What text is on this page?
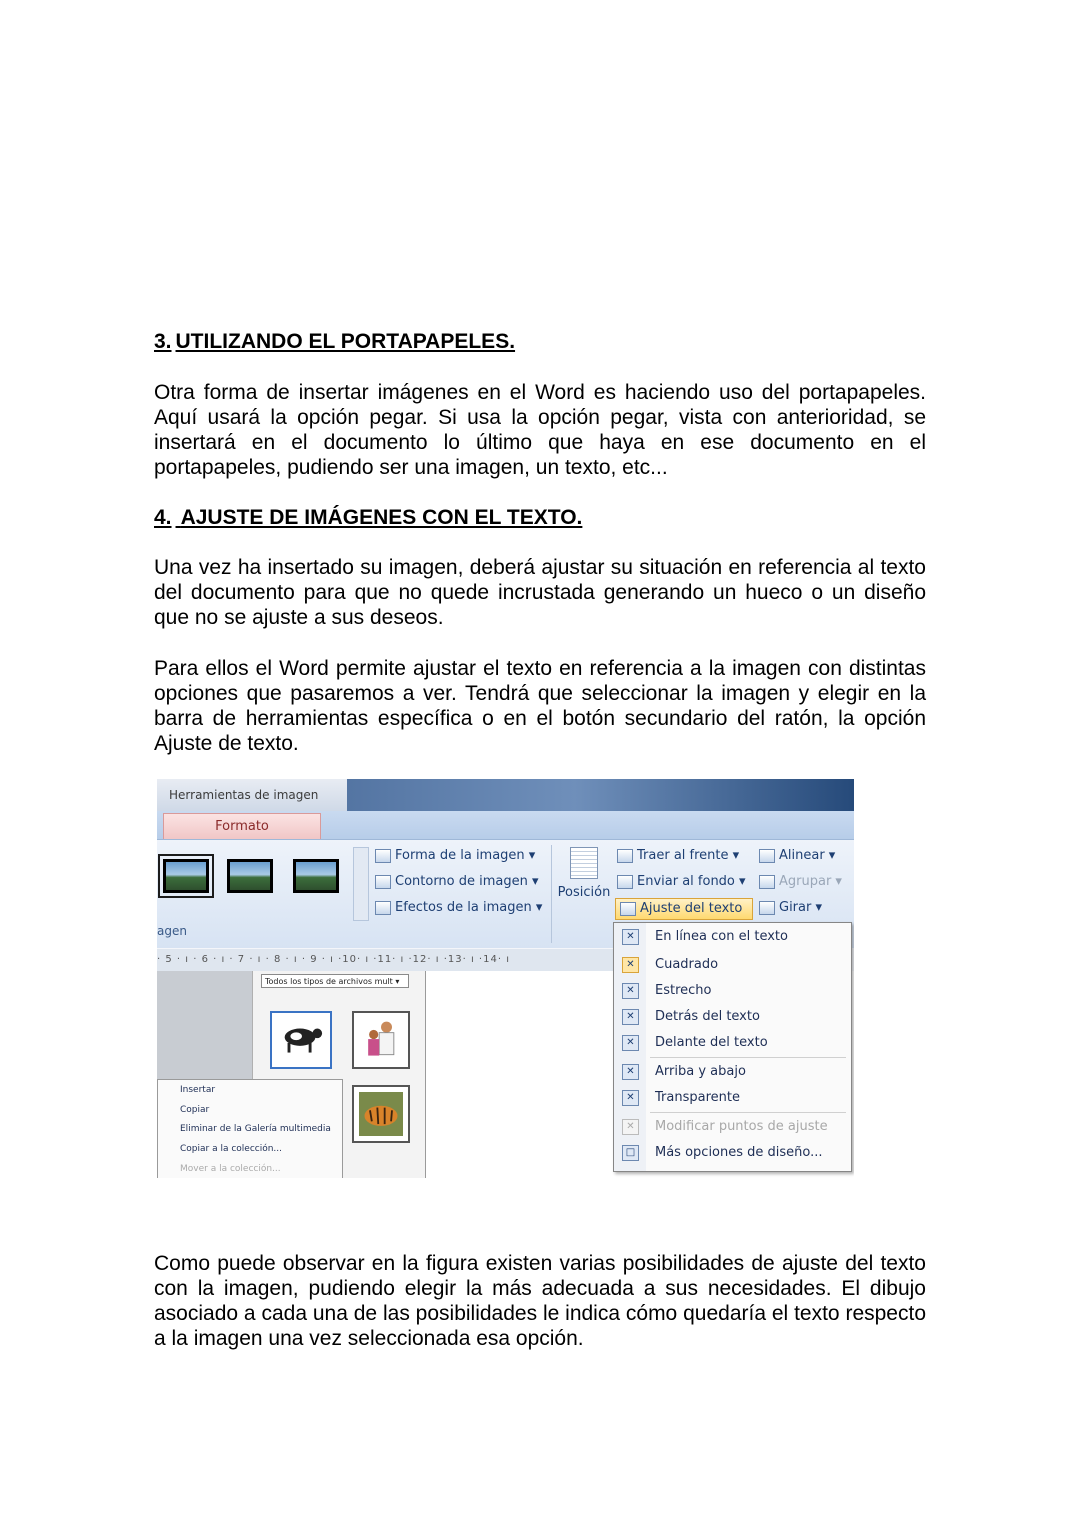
3. UTILIZANDO EL PORTAPAPELES.

Otra forma de insertar imágenes en el Word es haciendo uso del portapapeles. Aquí usará la opción pegar. Si usa la opción pegar, vista con anterioridad, se insertará en el documento lo último que haya en ese documento en el portapapeles, pudiendo ser una imagen, un texto, etc...

4. AJUSTE DE IMÁGENES CON EL TEXTO.

Una vez ha insertado su imagen, deberá ajustar su situación en referencia al texto del documento para que no quede incrustada generando un hueco o un diseño que no se ajuste a sus deseos.

Para ellos el Word permite ajustar el texto en referencia a la imagen con distintas opciones que pasaremos a ver. Tendrá que seleccionar la imagen y elegir en la barra de herramientas específica o en el botón secundario del ratón, la opción Ajuste de texto.

Herramientas de imagen
Formato
Forma de la imagen ▾
Contorno de imagen ▾
Efectos de la imagen ▾
agen
Posición
Traer al frente ▾
Enviar al fondo ▾
Ajuste del texto
Alinear ▾
Agrupar ▾
Girar ▾
· 5 · ı · 6 · ı · 7 · ı · 8 · ı · 9 · ı ·10· ı ·11· ı ·12· ı ·13· ı ·14· ı
Todos los tipos de archivos mult ▾
Insertar
Copiar
Eliminar de la Galería multimedia
Copiar a la colección...
Mover a la colección...
✕	En línea con el texto
✕	Cuadrado
✕	Estrecho
✕	Detrás del texto
✕	Delante del texto
✕	Arriba y abajo
✕	Transparente
✕	Modificar puntos de ajuste
□ Más opciones de diseño...

Como puede observar en la figura existen varias posibilidades de ajuste del texto con la imagen, pudiendo elegir la más adecuada a sus necesidades. El dibujo asociado a cada una de las posibilidades le indica cómo quedaría el texto respecto a la imagen una vez seleccionada esa opción.
